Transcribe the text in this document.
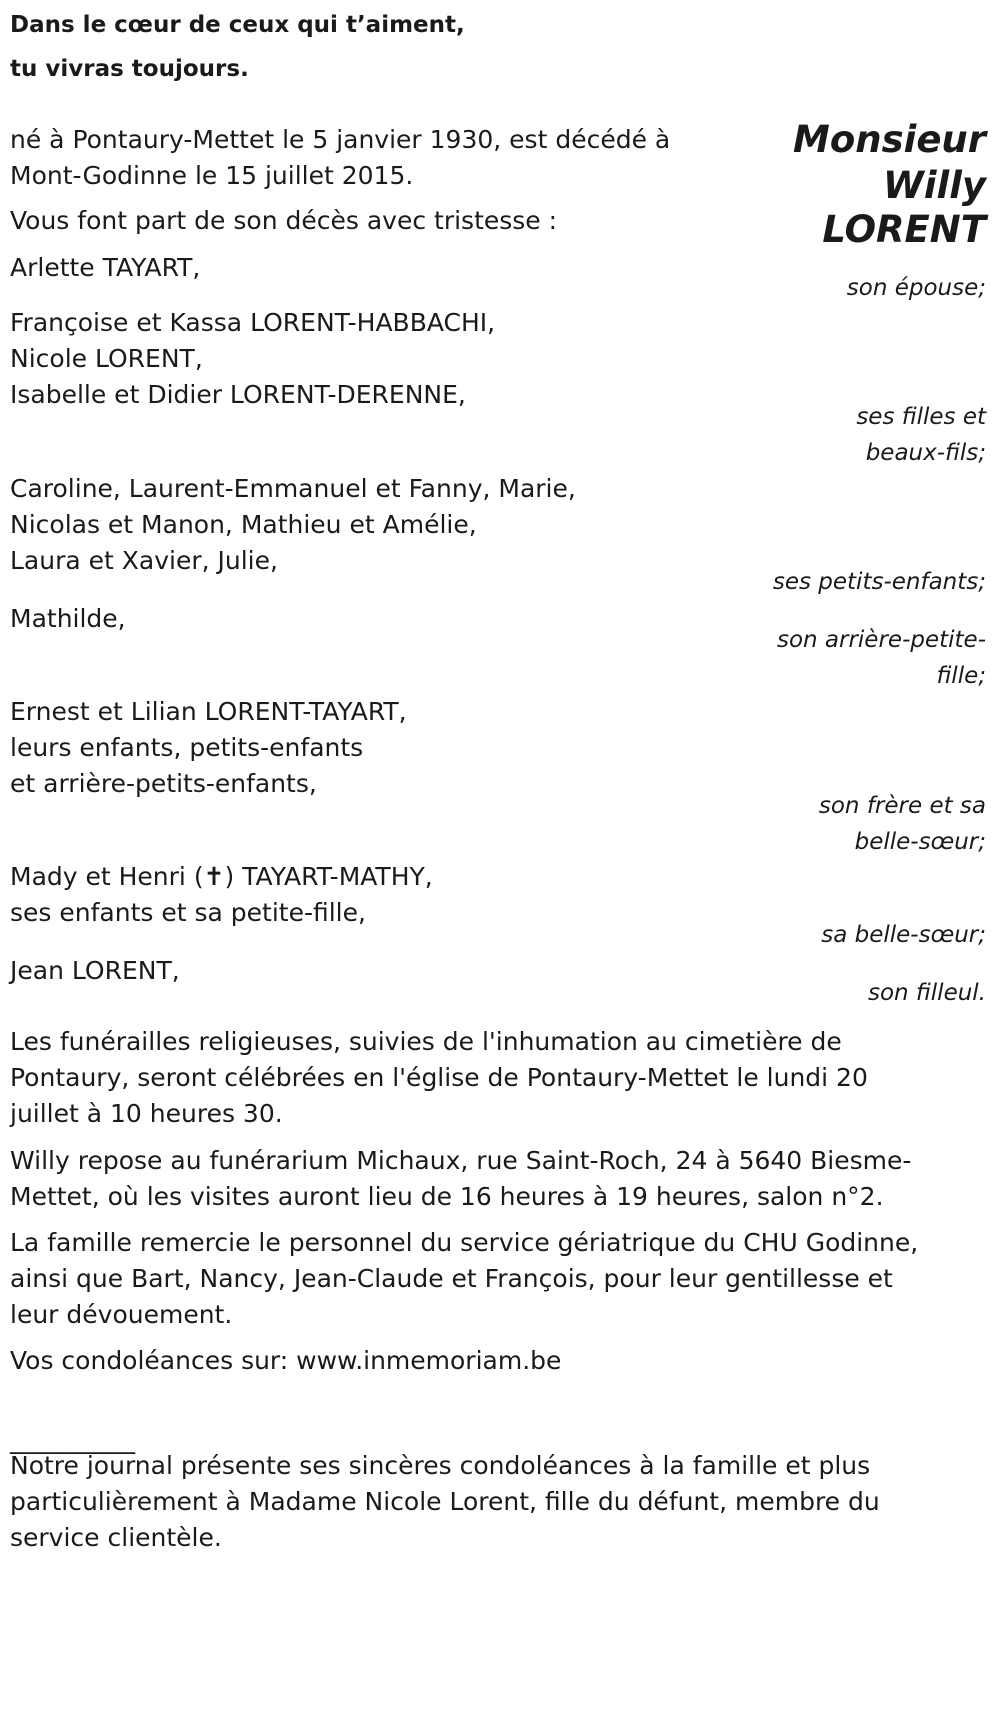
Dans le cœur de ceux qui t’aiment,
tu vivras toujours.
Monsieur
Willy
LORENT
né à Pontaury-Mettet le 5 janvier 1930, est décédé à
Mont-Godinne le 15 juillet 2015.
Vous font part de son décès avec tristesse :
Arlette TAYART,
son épouse;
Françoise et Kassa LORENT-HABBACHI,
Nicole LORENT,
Isabelle et Didier LORENT-DERENNE,
ses filles et
beaux-fils;
Caroline, Laurent-Emmanuel et Fanny, Marie,
Nicolas et Manon, Mathieu et Amélie,
Laura et Xavier, Julie,
ses petits-enfants;
Mathilde,
son arrière-petite-
fille;
Ernest et Lilian LORENT-TAYART,
leurs enfants, petits-enfants
et arrière-petits-enfants,
son frère et sa
belle-sœur;
Mady et Henri (✝) TAYART-MATHY,
ses enfants et sa petite-fille,
sa belle-sœur;
Jean LORENT,
son filleul.
Les funérailles religieuses, suivies de l'inhumation au cimetière de
Pontaury, seront célébrées en l'église de Pontaury-Mettet le lundi 20
juillet à 10 heures 30.
Willy repose au funérarium Michaux, rue Saint-Roch, 24 à 5640 Biesme-
Mettet, où les visites auront lieu de 16 heures à 19 heures, salon n°2.
La famille remercie le personnel du service gériatrique du CHU Godinne,
ainsi que Bart, Nancy, Jean-Claude et François, pour leur gentillesse et
leur dévouement.
Vos condoléances sur: www.inmemoriam.be
__________
Notre journal présente ses sincères condoléances à la famille et plus
particulièrement à Madame Nicole Lorent, fille du défunt, membre du
service clientèle.
